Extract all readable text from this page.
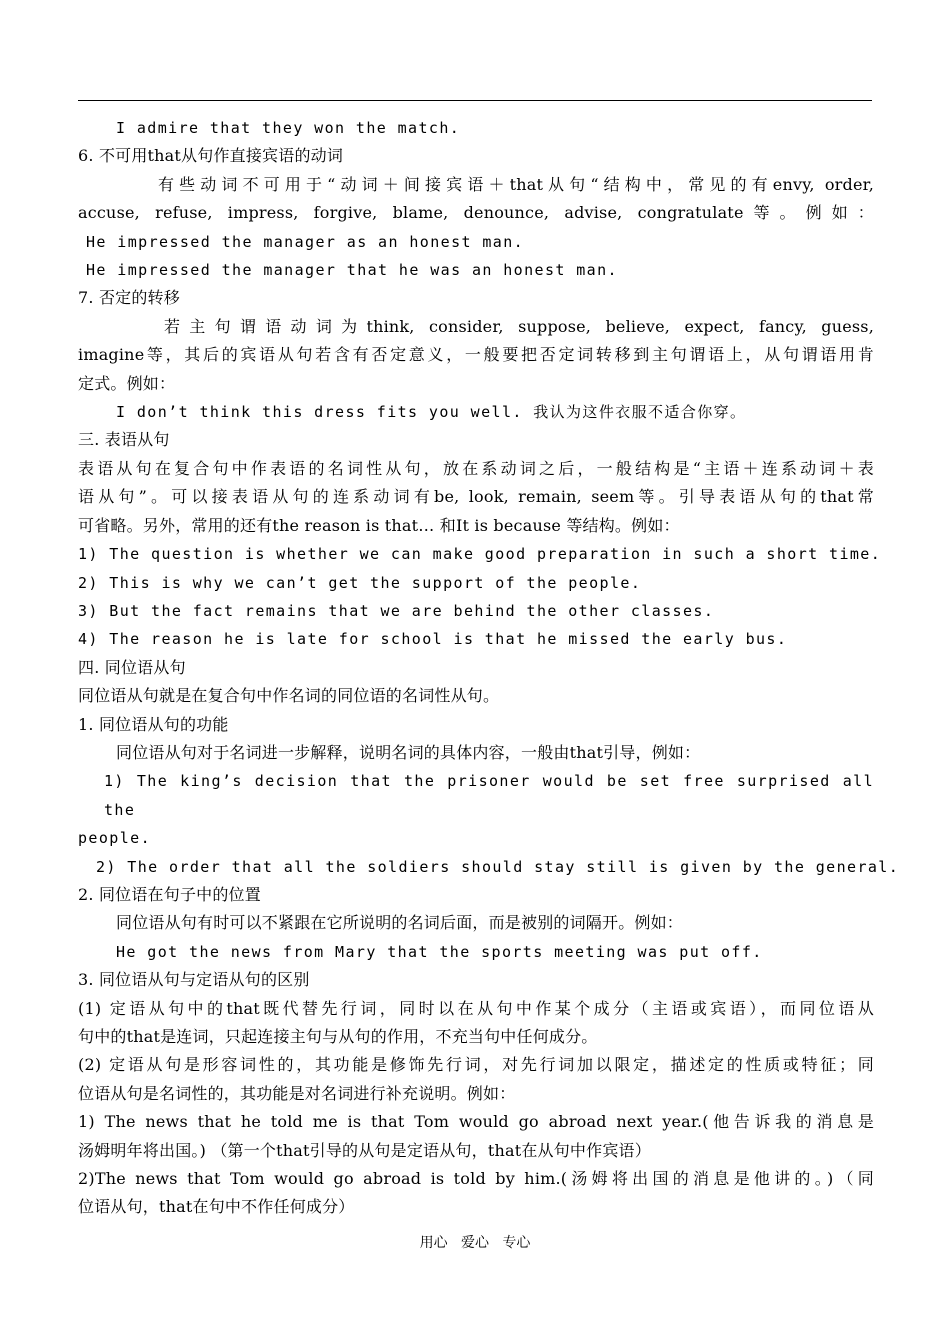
I admire that they won the match.
6. 不可用that从句作直接宾语的动词
有些动词不可用于“动词＋间接宾语＋that从句“结构中，常见的有envy, order,
accuse, refuse, impress, forgive, blame, denounce, advise, congratulate等。例如：
He impressed the manager as an honest man.
He impressed the manager that he was an honest man.
7. 否定的转移
若主句谓语动词为think, consider, suppose, believe, expect, fancy, guess,
imagine等，其后的宾语从句若含有否定意义，一般要把否定词转移到主句谓语上，从句谓语用肯
定式。例如：
I don’t think this dress fits you well. 我认为这件衣服不适合你穿。
三. 表语从句
表语从句在复合句中作表语的名词性从句，放在系动词之后，一般结构是“主语＋连系动词＋表
语从句”。可以接表语从句的连系动词有be, look, remain, seem等。引导表语从句的that常
可省略。另外，常用的还有the reason is that… 和It is because 等结构。例如：
1) The question is whether we can make good preparation in such a short time.
2) This is why we can’t get the support of the people.
3) But the fact remains that we are behind the other classes.
4) The reason he is late for school is that he missed the early bus.
四. 同位语从句
同位语从句就是在复合句中作名词的同位语的名词性从句。
1. 同位语从句的功能
同位语从句对于名词进一步解释，说明名词的具体内容，一般由that引导，例如：
1) The king’s decision that the prisoner would be set free surprised all the
people.
2) The order that all the soldiers should stay still is given by the general.
2. 同位语在句子中的位置
同位语从句有时可以不紧跟在它所说明的名词后面，而是被别的词隔开。例如：
He got the news from Mary that the sports meeting was put off.
3. 同位语从句与定语从句的区别
(1) 定语从句中的that既代替先行词，同时以在从句中作某个成分（主语或宾语），而同位语从
句中的that是连词，只起连接主句与从句的作用，不充当句中任何成分。
(2) 定语从句是形容词性的，其功能是修饰先行词，对先行词加以限定，描述定的性质或特征；同
位语从句是名词性的，其功能是对名词进行补充说明。例如：
1) The news that he told me is that Tom would go abroad next year.(他告诉我的消息是
汤姆明年将出国。) （第一个that引导的从句是定语从句，that在从句中作宾语）
2)The news that Tom would go abroad is told by him.(汤姆将出国的消息是他讲的。)（同
位语从句，that在句中不作任何成分）
用心   爱心   专心
